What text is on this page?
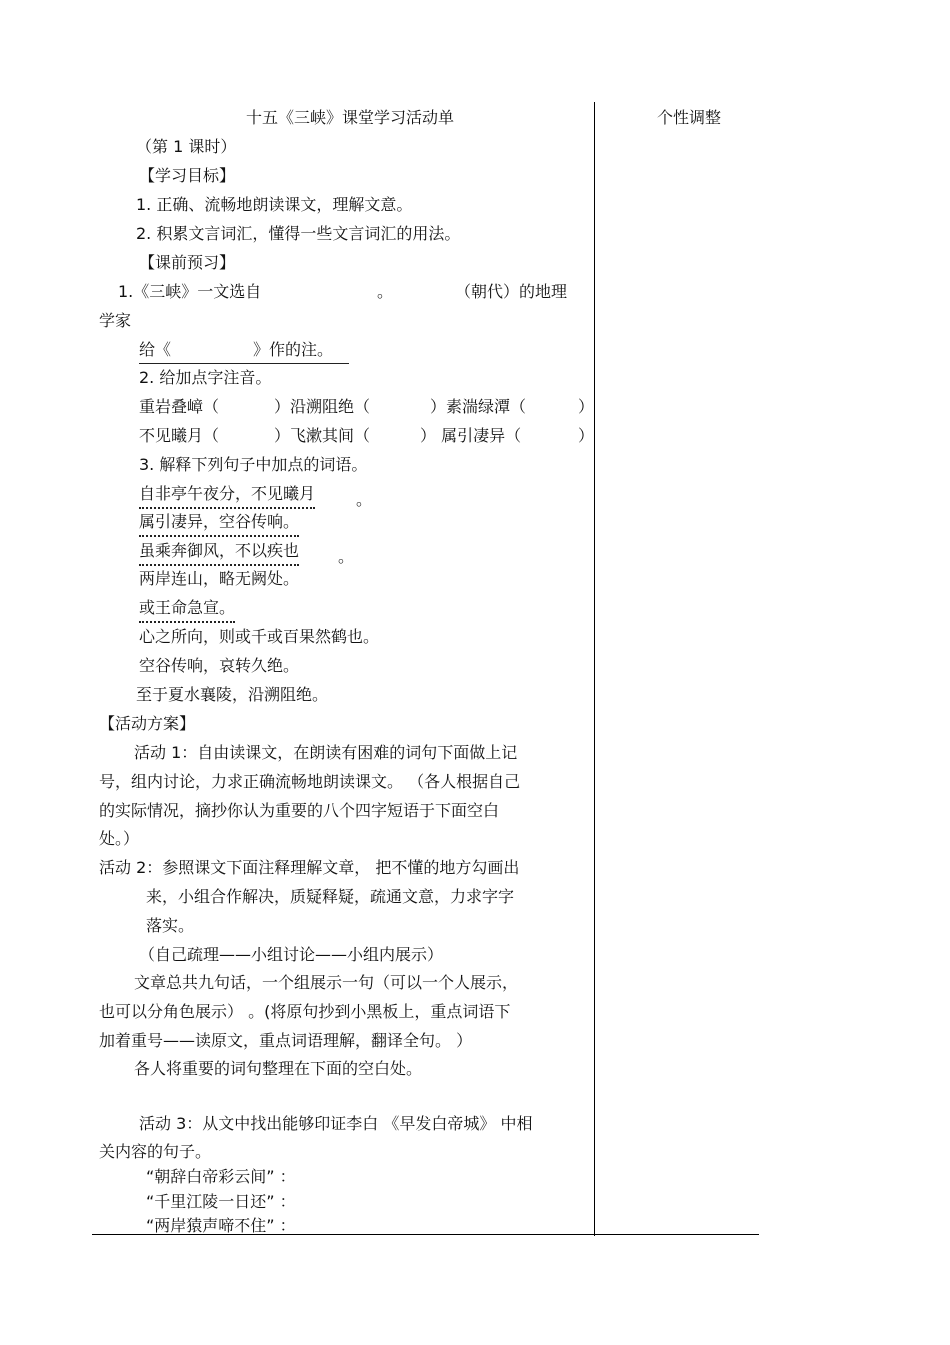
十五《三峡》课堂学习活动单	个性调整
（第 1 课时）
【学习目标】
1. 正确、流畅地朗读课文，理解文意。
2. 积累文言词汇，懂得一些文言词汇的用法。
【课前预习】
1.《三峡》一文选自	。	（朝代）的地理
学家
给《	》作的注。
2. 给加点字注音。
重岩叠嶂（	）沿溯阻绝（	）素湍绿潭（	）
不见曦月（	）飞漱其间（	） 属引凄异（	）
3. 解释下列句子中加点的词语。
自非亭午夜分，不见曦月	。
属引凄异，空谷传响。
虽乘奔御风，不以疾也 。
两岸连山，略无阙处。
或王命急宣。
心之所向，则或千或百果然鹤也。
空谷传响，哀转久绝。
至于夏水襄陵，沿溯阻绝。
【活动方案】
活动 1：自由读课文，在朗读有困难的词句下面做上记
号，组内讨论，力求正确流畅地朗读课文。 （各人根据自己
的实际情况，摘抄你认为重要的八个四字短语于下面空白
处。）
活动 2：参照课文下面注释理解文章， 把不懂的地方勾画出
来，小组合作解决，质疑释疑，疏通文意，力求字字
落实。
（自己疏理——小组讨论——小组内展示）
文章总共九句话，一个组展示一句（可以一个人展示，
也可以分角色展示） 。(将原句抄到小黑板上，重点词语下
加着重号——读原文，重点词语理解，翻译全句。 ）
各人将重要的词句整理在下面的空白处。
活动 3：从文中找出能够印证李白 《早发白帝城》 中相
关内容的句子。
“朝辞白帝彩云间” ：
“千里江陵一日还” ：
“两岸猿声啼不住” ：
